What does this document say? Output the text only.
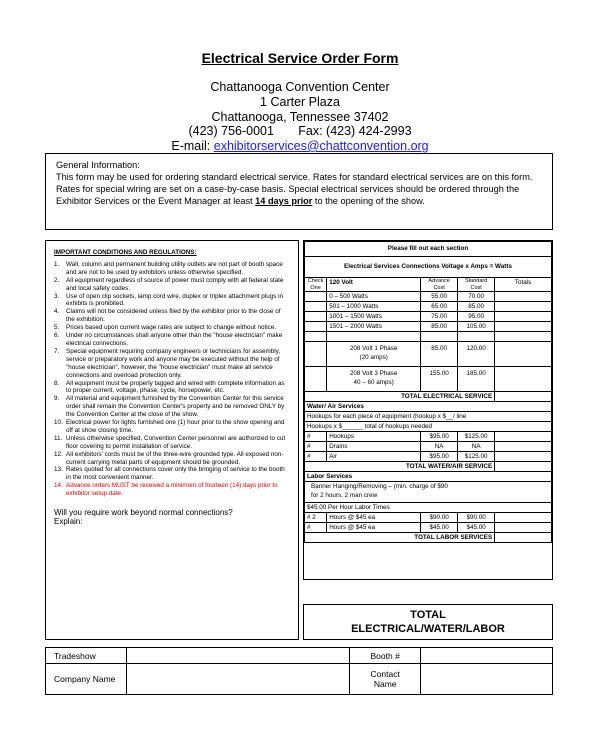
Electrical Service Order Form
Chattanooga Convention Center
1 Carter Plaza
Chattanooga, Tennessee 37402
(423) 756-0001       Fax: (423) 424-2993
E-mail: exhibitorservices@chattconvention.org
General Information:
This form may be used for ordering standard electrical service. Rates for standard electrical services are on this form.
Rates for special wiring are set on a case-by-case basis. Special electrical services should be ordered through the
Exhibitor Services or the Event Manager at least 14 days prior to the opening of the show.
IMPORTANT CONDITIONS AND REGULATIONS:
1.	Wall, column and permanent building utility outlets are not part of booth space and are not to be used by exhibitors unless otherwise specified.
2.	All equipment regardless of source of power must comply with all federal state and local safety codes.
3.	Use of open clip sockets, lamp cord wire, duplex or triplex attachment plugs in exhibits is prohibited.
4.	Claims will not be considered unless filed by the exhibitor prior to the close of the exhibition.
5.	Prices based upon current wage rates are subject to change without notice.
6.	Under no circumstances shall anyone other than the "house electrician" make electrical connections.
7.	Special equipment requiring company engineers or technicians for assembly, service or preparatory work and anyone may be executed without the help of "house electrician", however, the "house electrician" must make all service connections and overload protection only.
8.	All equipment must be properly tagged and wired with complete information as to proper current, voltage, phase, cycle, horsepower, etc.
9.	All material and equipment furnished by the Convention Center for this service order shall remain the Convention Center's property and be removed ONLY by the Convention Center at the close of the show.
10. Electrical power for lights furnished one (1) hour prior to the show opening and off at show closing time.
11. Unless otherwise specified, Convention Center personnel are authorized to cut floor covering to permit installation of service.
12. All exhibitors' cords must be of the three-wire grounded type. All exposed non-current carrying metal parts of equipment should be grounded.
13. Rates quoted for all connections cover only the bringing of service to the booth in the most convenient manner.
14. Advance orders MUST be received a minimum of fourteen (14) days prior to exhibitor setup date.
Will you require work beyond normal connections?
Explain:
Please fill out each section				
Electrical Services Connections Voltage x Amps = Watts				
Check One	120 Volt	Advance Cost	Standard Cost	Totals
	0 – 500 Watts	55.00	70.00	
	501 – 1000 Watts	65.00	85.00	
	1001 – 1500 Watts	75.00	95.00	
	1501 – 2000 Watts	85.00	105.00	

	208 Volt 1 Phase
(20 amps)	85.00	120.00	

	208 Volt 3 Phase
40 – 60 amps)	155.00	185.00	
TOTAL ELECTRICAL SERVICE				
Water/ Air Services				
Hookups for each piece of equipment (hookup x $__/ line				
Hookups x $______ total of hookups needed				
#	Hookups	$95.00	$125.00	
#	Drains	NA	NA	
#	Air	$95.00	$125.00	
TOTAL WATER/AIR SERVICE				
Labor Services				

Banner Hanging/Removing – (min. charge of $90
for 2 hours, 2 man crew				

$45.00 Per Hour Labor Times				
# 2	Hours @ $45 ea	$90.00	$90.00	
#	Hours @ $45 ea	$45.00	$45.00	
TOTAL LABOR SERVICES				
TOTAL
ELECTRICAL/WATER/LABOR
Tradeshow		Booth #	
Company Name		Contact Name	
